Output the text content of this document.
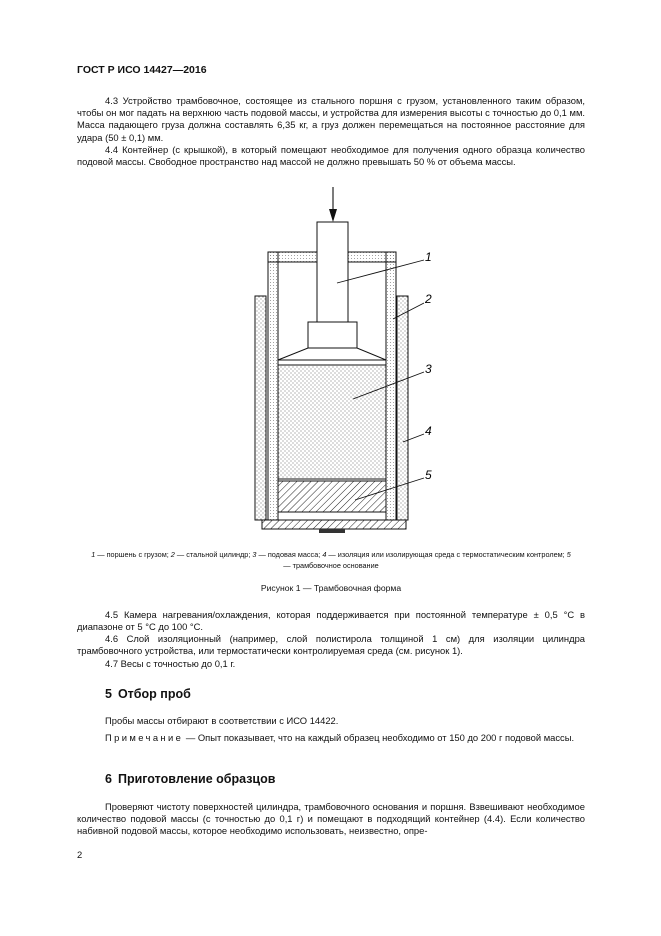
ГОСТ Р ИСО 14427—2016

4.3 Устройство трамбовочное, состоящее из стального поршня с грузом, установленного таким образом, чтобы он мог падать на верхнюю часть подовой массы, и устройства для измерения высоты с точностью до 0,1 мм. Масса падающего груза должна составлять 6,35 кг, а груз должен перемещаться на постоянное расстояние для удара (50 ± 0,1) мм.

4.4 Контейнер (с крышкой), в который помещают необходимое для получения одного образца количество подовой массы. Свободное пространство над массой не должно превышать 50 % от объема массы.

1
2
3
4
5
1 — поршень с грузом; 2 — стальной цилиндр; 3 — подовая масса; 4 — изоляция или изолирующая среда с термостатическим контролем; 5 — трамбовочное основание
Рисунок 1 — Трамбовочная форма

4.5 Камера нагревания/охлаждения, которая поддерживается при постоянной температуре ± 0,5 °C в диапазоне от 5 °C до 100 °C.

4.6 Слой изоляционный (например, слой полистирола толщиной 1 см) для изоляции цилиндра трамбовочного устройства, или термостатически контролируемая среда (см. рисунок 1).

4.7 Весы с точностью до 0,1 г.

5 Отбор проб

Пробы массы отбирают в соответствии с ИСО 14422.

Примечание — Опыт показывает, что на каждый образец необходимо от 150 до 200 г подовой массы.

6 Приготовление образцов

Проверяют чистоту поверхностей цилиндра, трамбовочного основания и поршня. Взвешивают необходимое количество подовой массы (с точностью до 0,1 г) и помещают в подходящий контейнер (4.4). Если количество набивной подовой массы, которое необходимо использовать, неизвестно, опре-

2
